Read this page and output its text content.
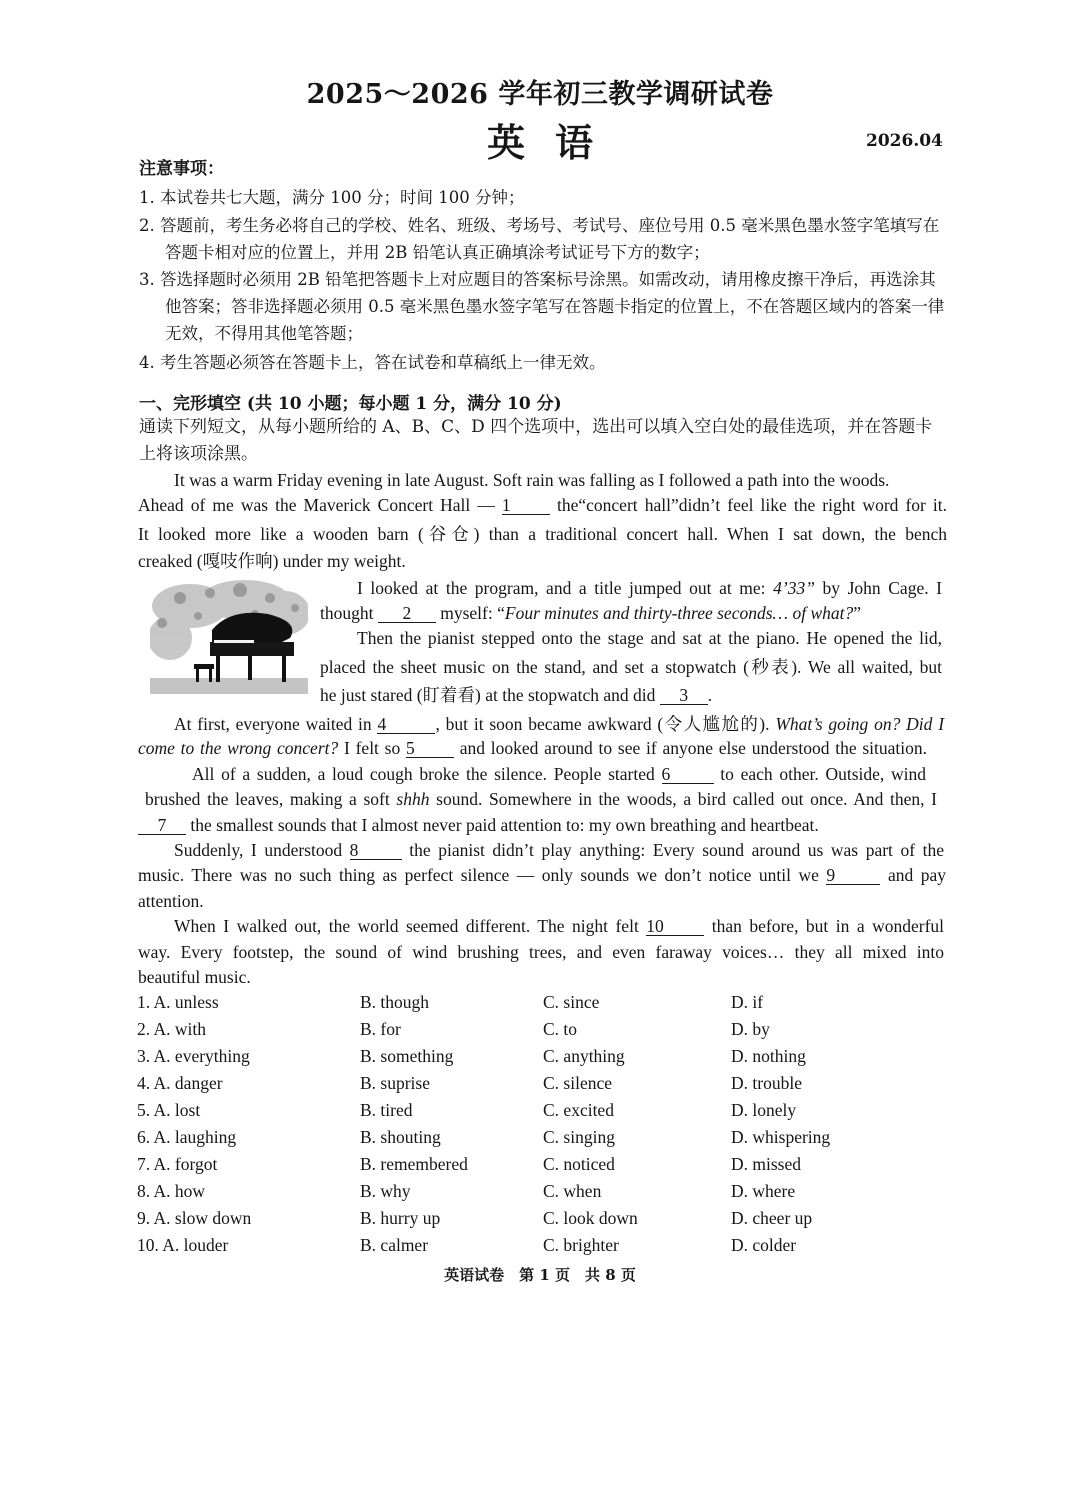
2025～2026 学年初三教学调研试卷
英语	2026.04
注意事项：
1. 本试卷共七大题，满分 100 分；时间 100 分钟；
2. 答题前，考生务必将自己的学校、姓名、班级、考场号、考试号、座位号用 0.5 毫米黑色墨水签字笔填写在答题卡相对应的位置上，并用 2B 铅笔认真正确填涂考试证号下方的数字；
3. 答选择题时必须用 2B 铅笔把答题卡上对应题目的答案标号涂黑。如需改动，请用橡皮擦干净后，再选涂其他答案；答非选择题必须用 0.5 毫米黑色墨水签字笔写在答题卡指定的位置上，不在答题区域内的答案一律无效，不得用其他笔答题；
4. 考生答题必须答在答题卡上，答在试卷和草稿纸上一律无效。
一、完形填空 (共 10 小题；每小题 1 分，满分 10 分)
通读下列短文，从每小题所给的 A、B、C、D 四个选项中，选出可以填入空白处的最佳选项，并在答题卡上将该项涂黑。
It was a warm Friday evening in late August. Soft rain was falling as I followed a path into the woods.
Ahead of me was the Maverick Concert Hall — 1	the“concert hall”didn’t feel like the right word for it.
It looked more like a wooden barn (谷仓) than a traditional concert hall. When I sat down, the bench
creaked (嘎吱作响) under my weight.
I looked at the program, and a title jumped out at me: 4’33” by John Cage. I
thought 2 myself: “Four minutes and thirty-three seconds… of what?”
Then the pianist stepped onto the stage and sat at the piano. He opened the lid,
placed the sheet music on the stand, and set a stopwatch (秒表). We all waited, but
he just stared (盯着看) at the stopwatch and did 3 .
At first, everyone waited in 4	, but it soon became awkward (令人尴尬的). What’s going on? Did I
come to the wrong concert? I felt so 5	and looked around to see if anyone else understood the situation.
All of a sudden, a loud cough broke the silence. People started 6	to each other. Outside, wind
brushed the leaves, making a soft shhh sound. Somewhere in the woods, a bird called out once. And then, I
7 the smallest sounds that I almost never paid attention to: my own breathing and heartbeat.
Suddenly, I understood 8	the pianist didn’t play anything: Every sound around us was part of the
music. There was no such thing as perfect silence — only sounds we don’t notice until we 9	and pay
attention.
When I walked out, the world seemed different. The night felt 10	than before, but in a wonderful
way. Every footstep, the sound of wind brushing trees, and even faraway voices… they all mixed into
beautiful music.
1. A. unless	B. though	C. since	D. if
2. A. with	B. for	C. to	D. by
3. A. everything	B. something	C. anything	D. nothing
4. A. danger	B. suprise	C. silence	D. trouble
5. A. lost	B. tired	C. excited	D. lonely
6. A. laughing	B. shouting	C. singing	D. whispering
7. A. forgot	B. remembered	C. noticed	D. missed
8. A. how	B. why	C. when	D. where
9. A. slow down	B. hurry up	C. look down	D. cheer up
10. A. louder	B. calmer	C. brighter	D. colder
英语试卷　第 1 页　共 8 页
